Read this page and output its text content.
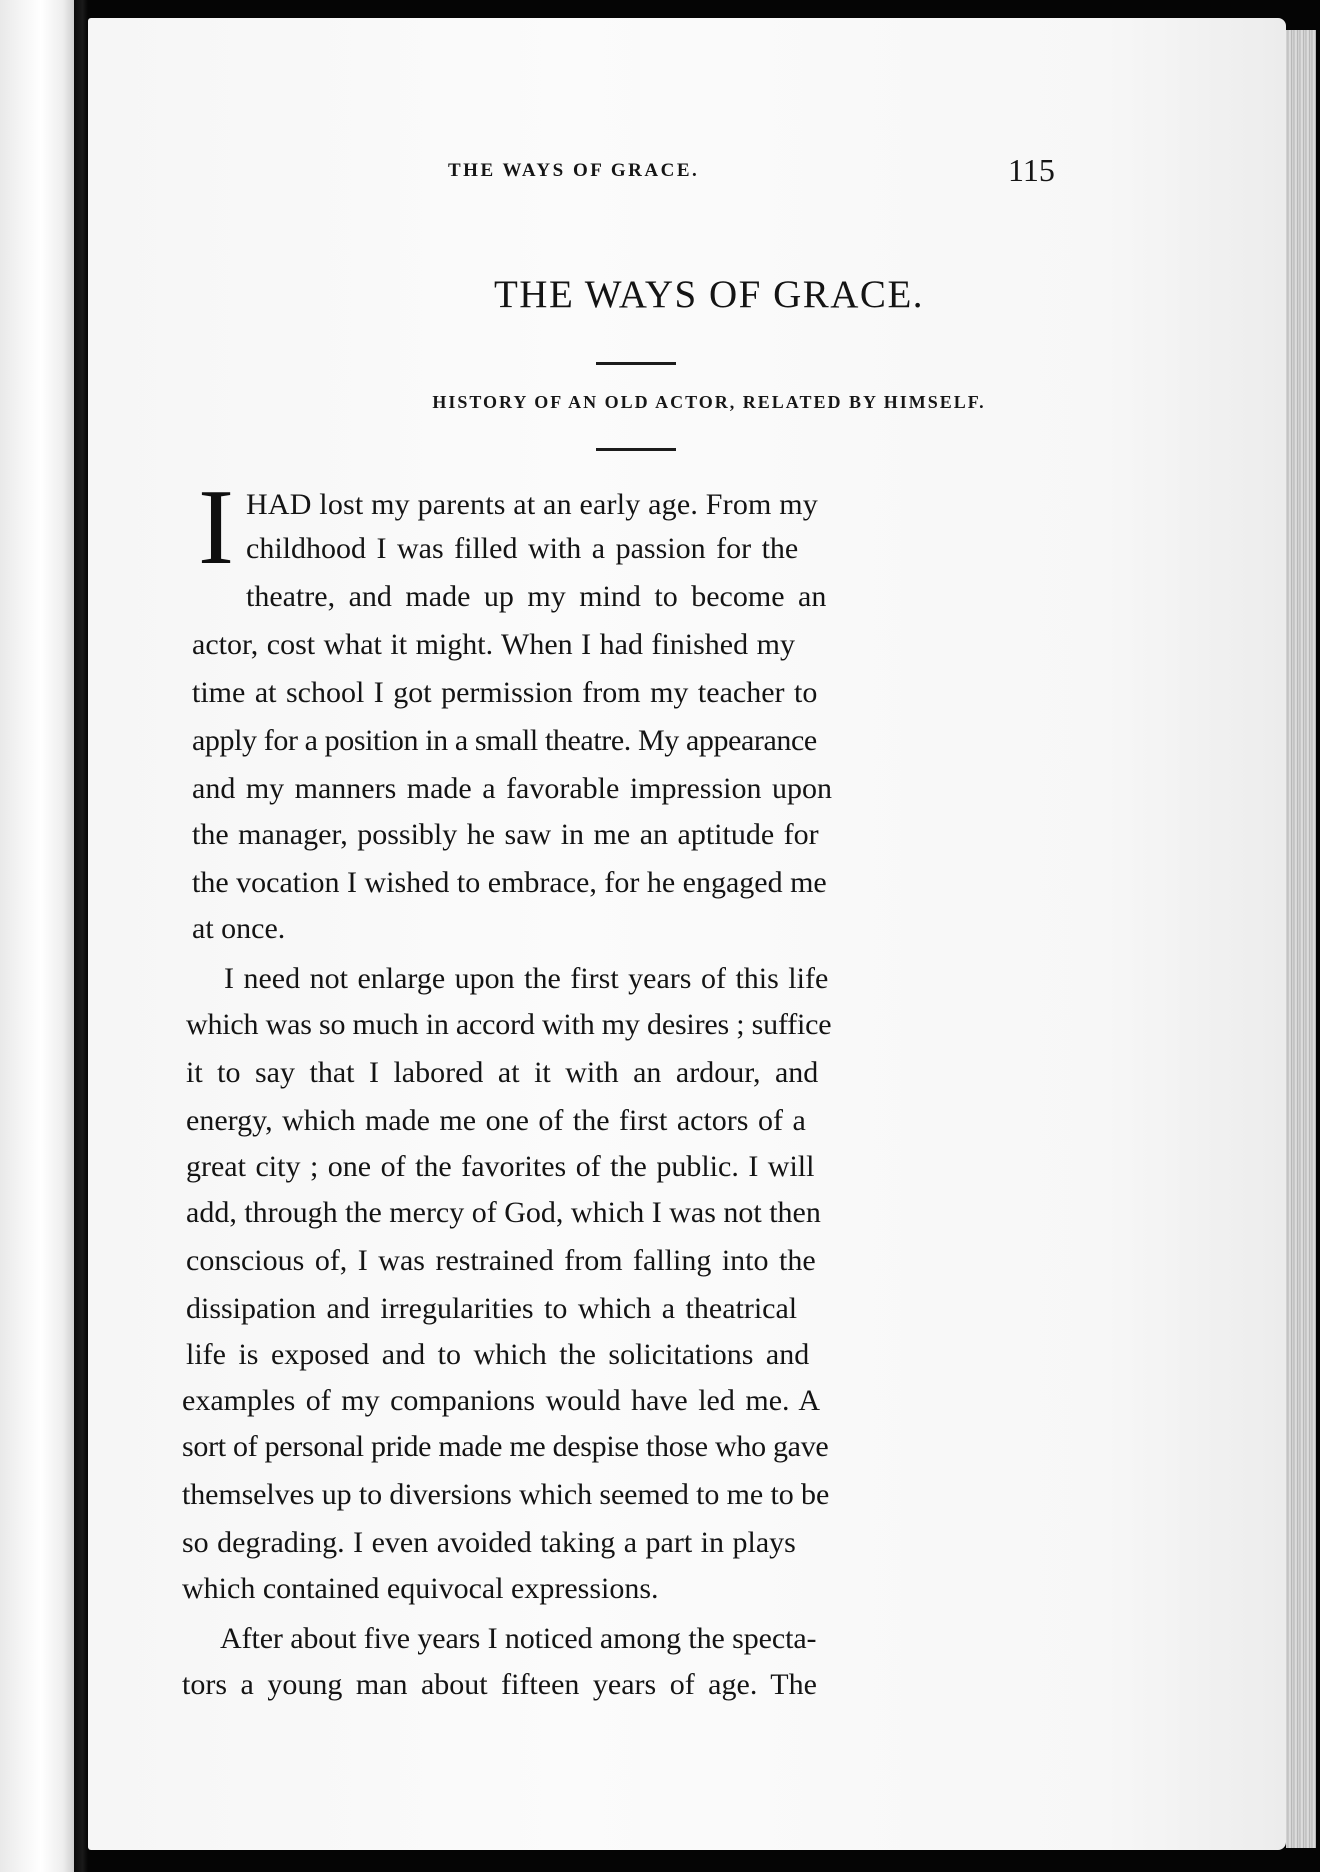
THE WAYS OF GRACE.	115
THE WAYS OF GRACE.
HISTORY OF AN OLD ACTOR, RELATED BY HIMSELF.
I HAD lost my parents at an early age. From my
childhood I was filled with a passion for the
theatre, and made up my mind to become an
actor, cost what it might. When I had finished my
time at school I got permission from my teacher to
apply for a position in a small theatre. My appearance
and my manners made a favorable impression upon
the manager, possibly he saw in me an aptitude for
the vocation I wished to embrace, for he engaged me
at once.
I need not enlarge upon the first years of this life
which was so much in accord with my desires ; suffice
it to say that I labored at it with an ardour, and
energy, which made me one of the first actors of a
great city ; one of the favorites of the public. I will
add, through the mercy of God, which I was not then
conscious of, I was restrained from falling into the
dissipation and irregularities to which a theatrical
life is exposed and to which the solicitations and
examples of my companions would have led me. A
sort of personal pride made me despise those who gave
themselves up to diversions which seemed to me to be
so degrading. I even avoided taking a part in plays
which contained equivocal expressions.
After about five years I noticed among the specta-
tors a young man about fifteen years of age. The
